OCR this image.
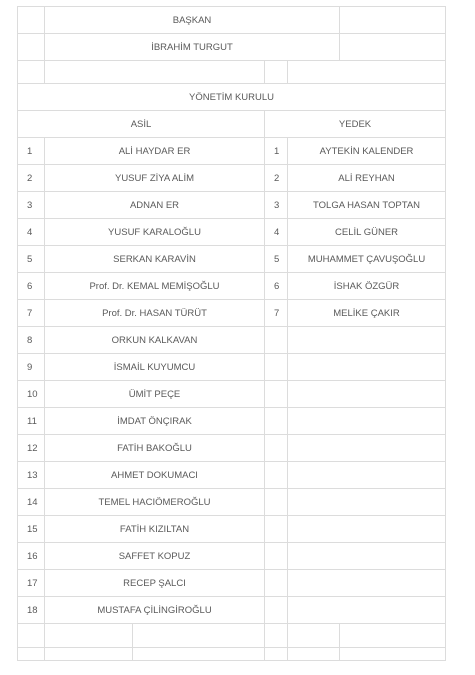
	BAŞKAN				
	İBRAHİM TURGUT				

YÖNETİM KURULU					
ASİL			YEDEK		
1	ALİ HAYDAR ER		1	AYTEKİN KALENDER	
2	YUSUF ZİYA ALİM		2	ALİ REYHAN	
3	ADNAN ER		3	TOLGA HASAN TOPTAN	
4	YUSUF KARALOĞLU		4	CELİL GÜNER	
5	SERKAN KARAVİN		5	MUHAMMET ÇAVUŞOĞLU	
6	Prof. Dr. KEMAL MEMİŞOĞLU		6	İSHAK ÖZGÜR	
7	Prof. Dr. HASAN TÜRÜT		7	MELİKE ÇAKIR	
8	ORKUN KALKAVAN				
9	İSMAİL KUYUMCU				
10	ÜMİT PEÇE				
11	İMDAT ÖNÇIRAK				
12	FATİH BAKOĞLU				
13	AHMET DOKUMACI				
14	TEMEL HACIÖMEROĞLU				
15	FATİH KIZILTAN				
16	SAFFET KOPUZ				
17	RECEP ŞALCI				
18	MUSTAFA ÇİLİNGİROĞLU				
